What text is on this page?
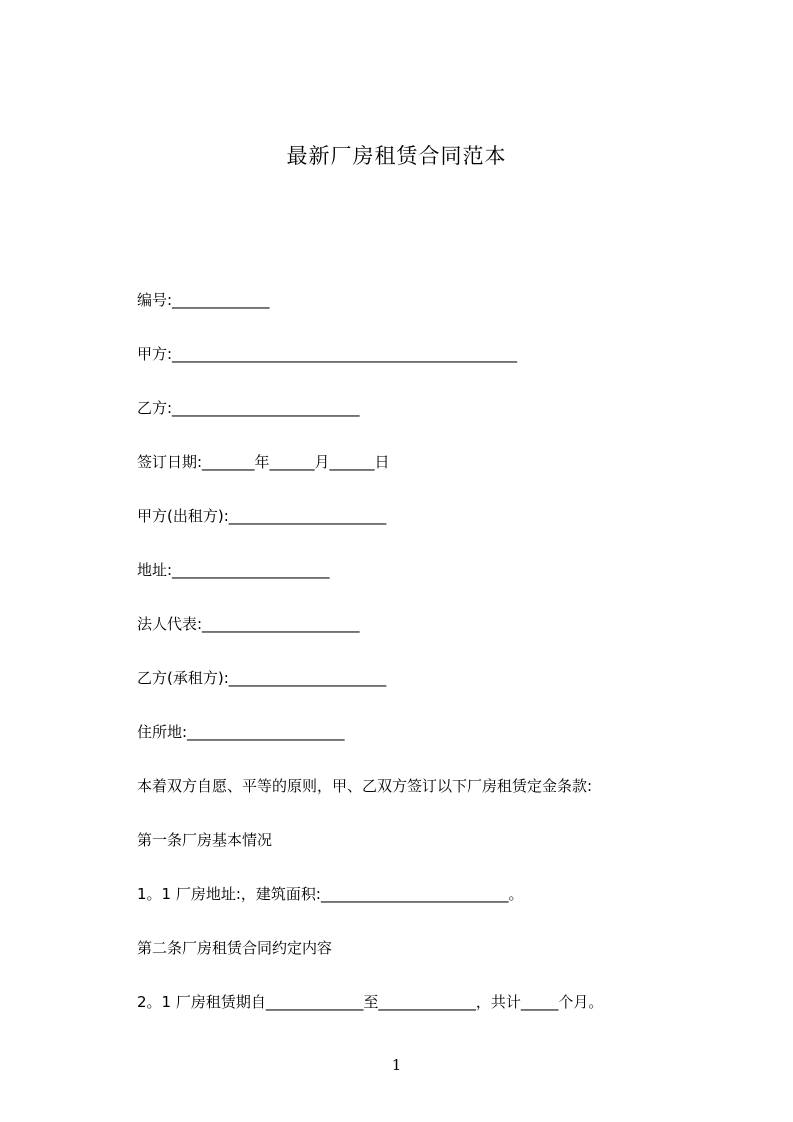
最新厂房租赁合同范本
编号:_____________
甲方:______________________________________________
乙方:_________________________
签订日期:_______年______月______日
甲方(出租方):_____________________
地址:_____________________
法人代表:_____________________
乙方(承租方):_____________________
住所地:_____________________
本着双方自愿、平等的原则，甲、乙双方签订以下厂房租赁定金条款:
第一条厂房基本情况
1。1 厂房地址:，建筑面积:_________________________。
第二条厂房租赁合同约定内容
2。1 厂房租赁期自_____________至_____________，共计_____个月。
1
